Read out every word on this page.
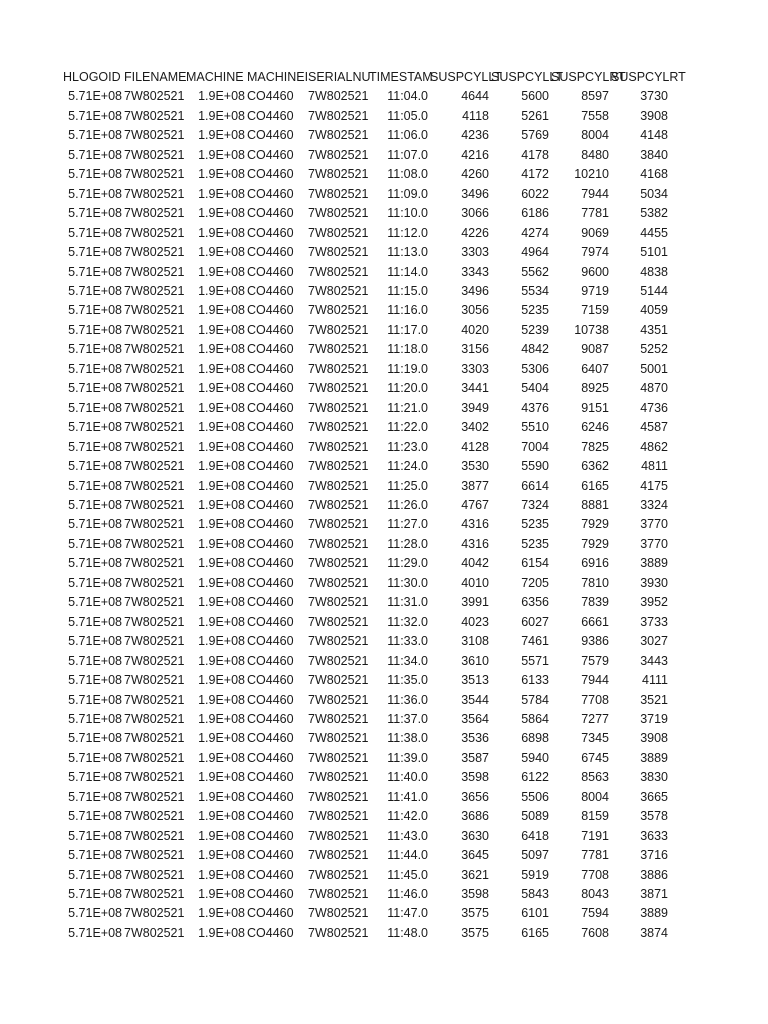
HLOGOID	FILENAME	MACHINE	MACHINEI	SERIALNU	TIMESTAM	SUSPCYLLT	SUSPCYLLT	SUSPCYLRT	SUSPCYLRT
5.71E+08	7W802521	1.9E+08	CO4460	7W802521	11:04.0	4644	5600	8597	3730
5.71E+08	7W802521	1.9E+08	CO4460	7W802521	11:05.0	4118	5261	7558	3908
5.71E+08	7W802521	1.9E+08	CO4460	7W802521	11:06.0	4236	5769	8004	4148
5.71E+08	7W802521	1.9E+08	CO4460	7W802521	11:07.0	4216	4178	8480	3840
5.71E+08	7W802521	1.9E+08	CO4460	7W802521	11:08.0	4260	4172	10210	4168
5.71E+08	7W802521	1.9E+08	CO4460	7W802521	11:09.0	3496	6022	7944	5034
5.71E+08	7W802521	1.9E+08	CO4460	7W802521	11:10.0	3066	6186	7781	5382
5.71E+08	7W802521	1.9E+08	CO4460	7W802521	11:12.0	4226	4274	9069	4455
5.71E+08	7W802521	1.9E+08	CO4460	7W802521	11:13.0	3303	4964	7974	5101
5.71E+08	7W802521	1.9E+08	CO4460	7W802521	11:14.0	3343	5562	9600	4838
5.71E+08	7W802521	1.9E+08	CO4460	7W802521	11:15.0	3496	5534	9719	5144
5.71E+08	7W802521	1.9E+08	CO4460	7W802521	11:16.0	3056	5235	7159	4059
5.71E+08	7W802521	1.9E+08	CO4460	7W802521	11:17.0	4020	5239	10738	4351
5.71E+08	7W802521	1.9E+08	CO4460	7W802521	11:18.0	3156	4842	9087	5252
5.71E+08	7W802521	1.9E+08	CO4460	7W802521	11:19.0	3303	5306	6407	5001
5.71E+08	7W802521	1.9E+08	CO4460	7W802521	11:20.0	3441	5404	8925	4870
5.71E+08	7W802521	1.9E+08	CO4460	7W802521	11:21.0	3949	4376	9151	4736
5.71E+08	7W802521	1.9E+08	CO4460	7W802521	11:22.0	3402	5510	6246	4587
5.71E+08	7W802521	1.9E+08	CO4460	7W802521	11:23.0	4128	7004	7825	4862
5.71E+08	7W802521	1.9E+08	CO4460	7W802521	11:24.0	3530	5590	6362	4811
5.71E+08	7W802521	1.9E+08	CO4460	7W802521	11:25.0	3877	6614	6165	4175
5.71E+08	7W802521	1.9E+08	CO4460	7W802521	11:26.0	4767	7324	8881	3324
5.71E+08	7W802521	1.9E+08	CO4460	7W802521	11:27.0	4316	5235	7929	3770
5.71E+08	7W802521	1.9E+08	CO4460	7W802521	11:28.0	4316	5235	7929	3770
5.71E+08	7W802521	1.9E+08	CO4460	7W802521	11:29.0	4042	6154	6916	3889
5.71E+08	7W802521	1.9E+08	CO4460	7W802521	11:30.0	4010	7205	7810	3930
5.71E+08	7W802521	1.9E+08	CO4460	7W802521	11:31.0	3991	6356	7839	3952
5.71E+08	7W802521	1.9E+08	CO4460	7W802521	11:32.0	4023	6027	6661	3733
5.71E+08	7W802521	1.9E+08	CO4460	7W802521	11:33.0	3108	7461	9386	3027
5.71E+08	7W802521	1.9E+08	CO4460	7W802521	11:34.0	3610	5571	7579	3443
5.71E+08	7W802521	1.9E+08	CO4460	7W802521	11:35.0	3513	6133	7944	4111
5.71E+08	7W802521	1.9E+08	CO4460	7W802521	11:36.0	3544	5784	7708	3521
5.71E+08	7W802521	1.9E+08	CO4460	7W802521	11:37.0	3564	5864	7277	3719
5.71E+08	7W802521	1.9E+08	CO4460	7W802521	11:38.0	3536	6898	7345	3908
5.71E+08	7W802521	1.9E+08	CO4460	7W802521	11:39.0	3587	5940	6745	3889
5.71E+08	7W802521	1.9E+08	CO4460	7W802521	11:40.0	3598	6122	8563	3830
5.71E+08	7W802521	1.9E+08	CO4460	7W802521	11:41.0	3656	5506	8004	3665
5.71E+08	7W802521	1.9E+08	CO4460	7W802521	11:42.0	3686	5089	8159	3578
5.71E+08	7W802521	1.9E+08	CO4460	7W802521	11:43.0	3630	6418	7191	3633
5.71E+08	7W802521	1.9E+08	CO4460	7W802521	11:44.0	3645	5097	7781	3716
5.71E+08	7W802521	1.9E+08	CO4460	7W802521	11:45.0	3621	5919	7708	3886
5.71E+08	7W802521	1.9E+08	CO4460	7W802521	11:46.0	3598	5843	8043	3871
5.71E+08	7W802521	1.9E+08	CO4460	7W802521	11:47.0	3575	6101	7594	3889
5.71E+08	7W802521	1.9E+08	CO4460	7W802521	11:48.0	3575	6165	7608	3874
